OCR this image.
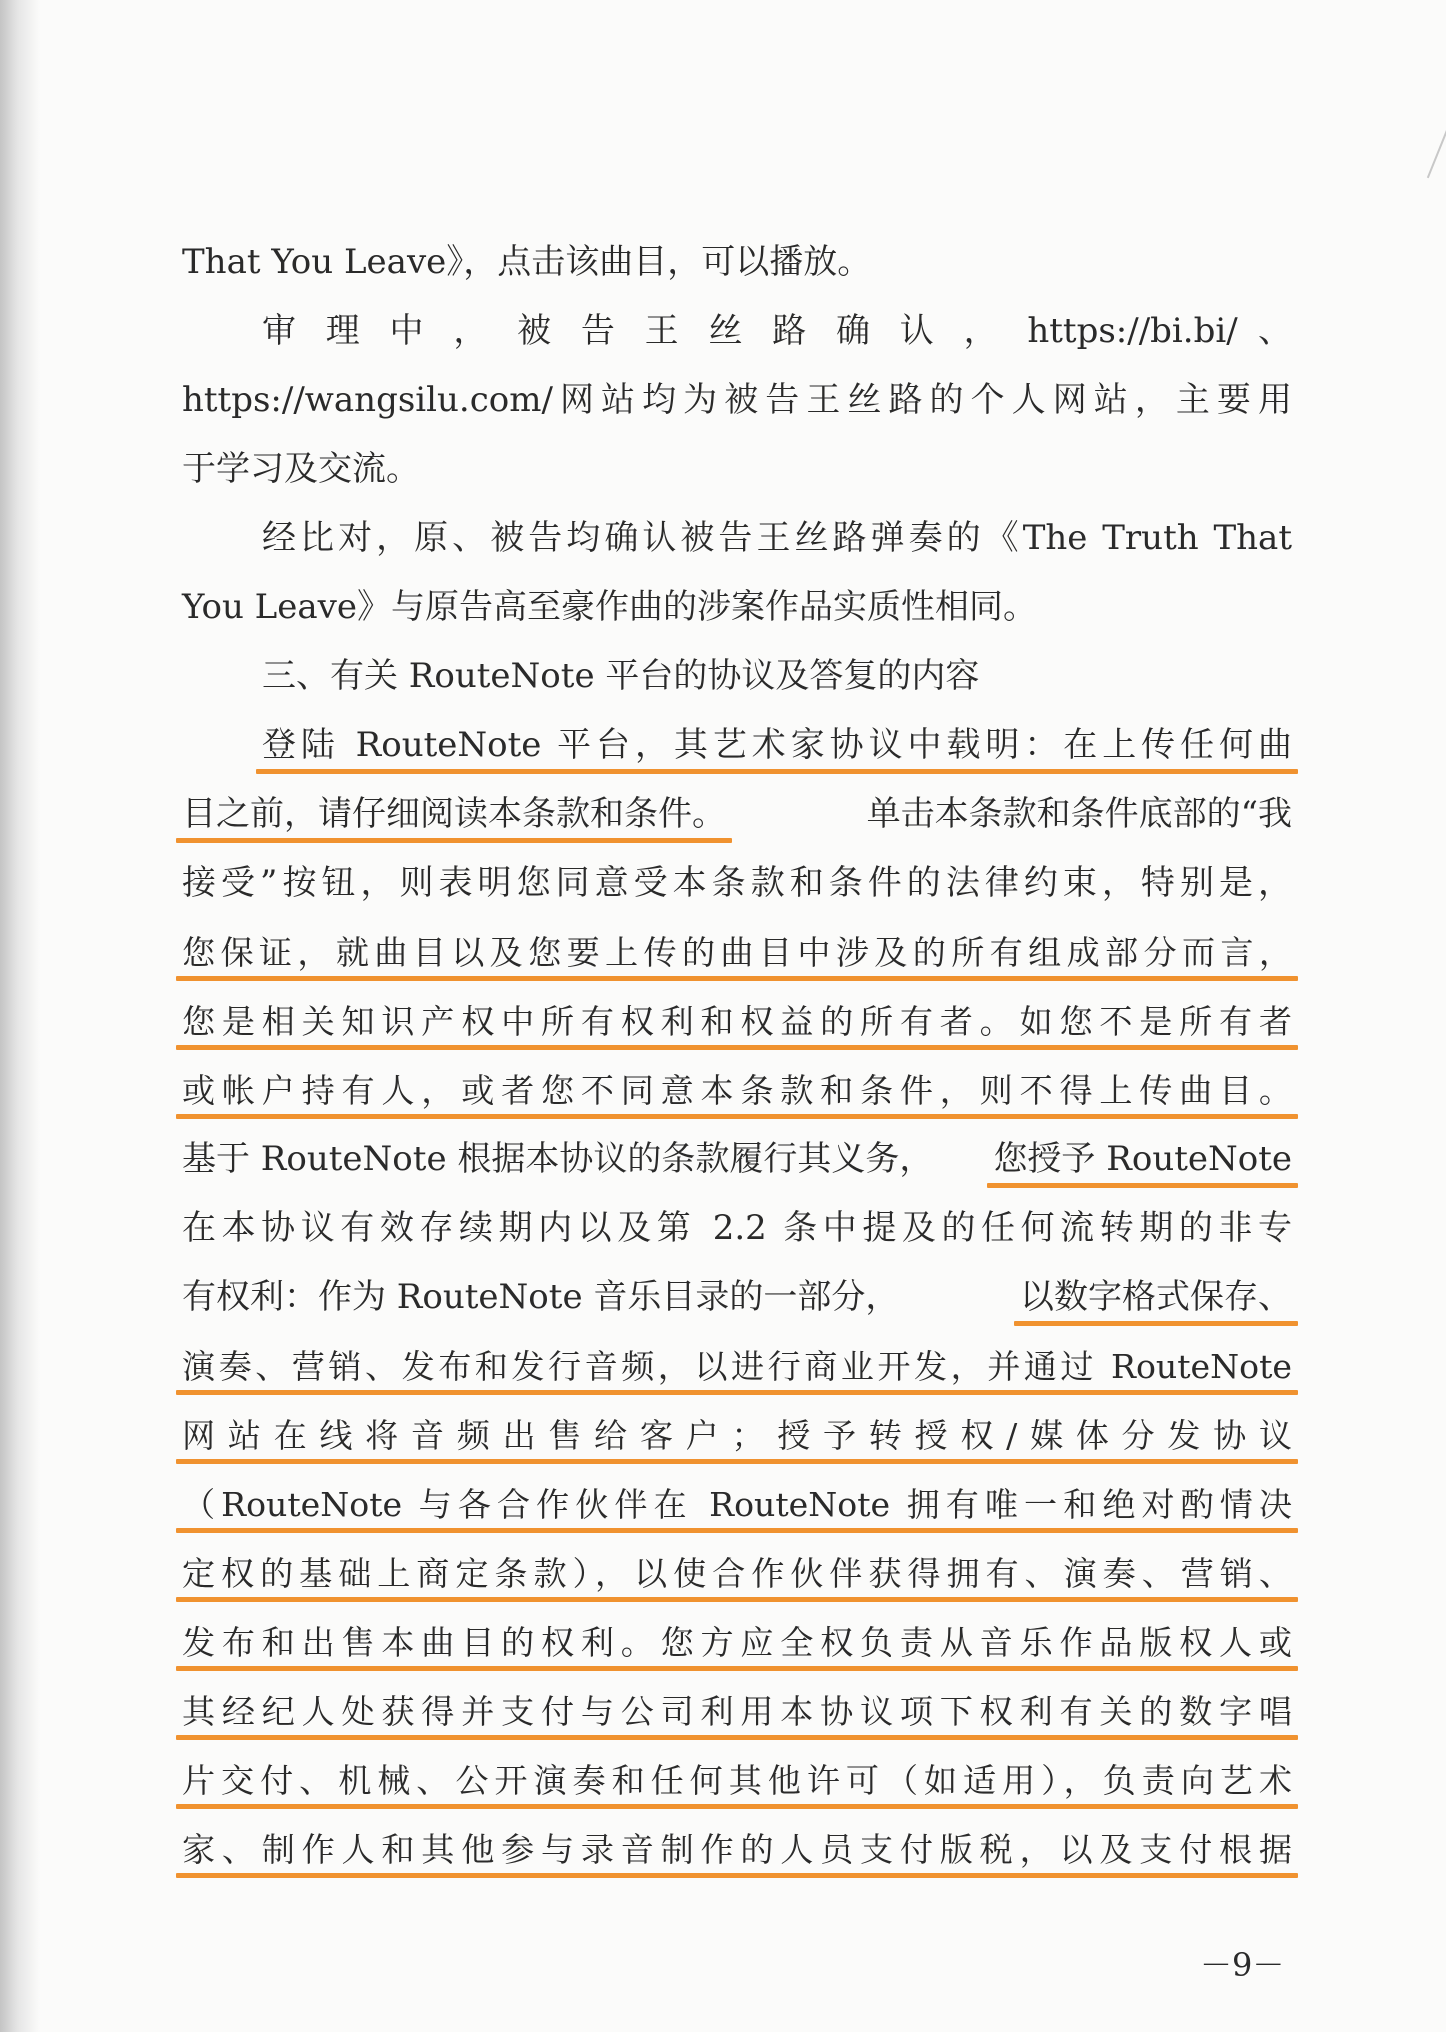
That You Leave》，点击该曲目，可以播放。
审 理 中 ， 被 告 王 丝 路 确 认 ， https://bi.bi/ 、
https://wangsilu.com/网站均为被告王丝路的个人网站，主要用
于学习及交流。
经比对，原、被告均确认被告王丝路弹奏的《The Truth That
You Leave》与原告高至豪作曲的涉案作品实质性相同。
三、有关 RouteNote 平台的协议及答复的内容
登陆 RouteNote 平台，其艺术家协议中载明：在上传任何曲
目之前，请仔细阅读本条款和条件。	单击本条款和条件底部的“我
接受”按钮，则表明您同意受本条款和条件的法律约束，特别是，
您保证，就曲目以及您要上传的曲目中涉及的所有组成部分而言，
您是相关知识产权中所有权利和权益的所有者。如您不是所有者
或帐户持有人，或者您不同意本条款和条件，则不得上传曲目。
基于 RouteNote 根据本协议的条款履行其义务， 您授予 RouteNote
在本协议有效存续期内以及第 2.2 条中提及的任何流转期的非专
有权利：作为 RouteNote 音乐目录的一部分，	以数字格式保存、
演奏、营销、发布和发行音频，以进行商业开发，并通过 RouteNote
网站在线将音频出售给客户；授予转授权/媒体分发协议
（RouteNote 与各合作伙伴在 RouteNote 拥有唯一和绝对酌情决
定权的基础上商定条款），以使合作伙伴获得拥有、演奏、营销、
发布和出售本曲目的权利。您方应全权负责从音乐作品版权人或
其经纪人处获得并支付与公司利用本协议项下权利有关的数字唱
片交付、机械、公开演奏和任何其他许可（如适用），负责向艺术
家、制作人和其他参与录音制作的人员支付版税，以及支付根据
－9－
